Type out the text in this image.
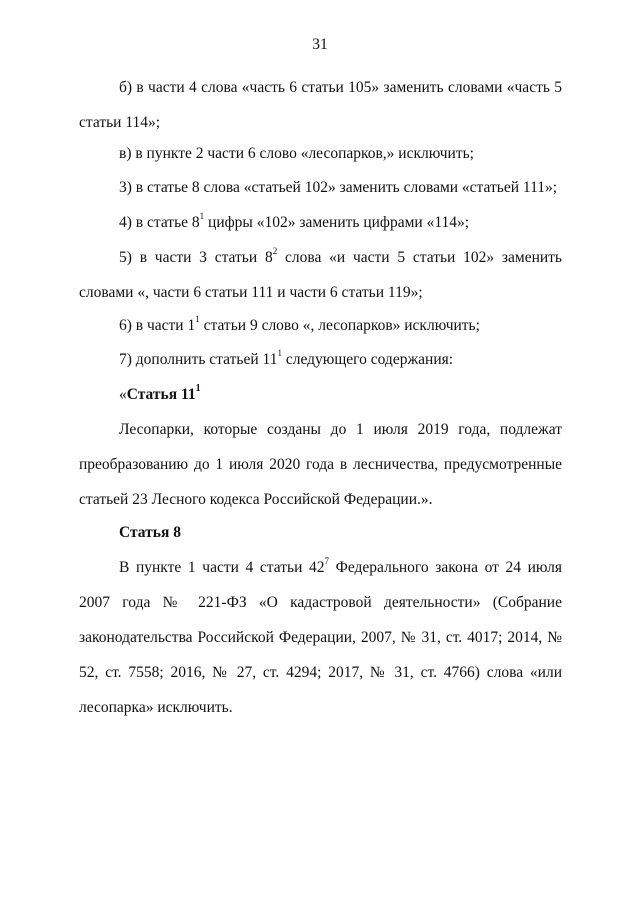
31

б) в части 4 слова «часть 6 статьи 105» заменить словами «часть 5 статьи 114»;

в) в пункте 2 части 6 слово «лесопарков,» исключить;

3) в статье 8 слова «статьей 102» заменить словами «статьей 111»;

4) в статье $8^1$ цифры «102» заменить цифрами «114»;

5) в части 3 статьи $8^2$ слова «и части 5 статьи 102» заменить словами «, части 6 статьи 111 и части 6 статьи 119»;

6) в части $1^1$ статьи 9 слово «, лесопарков» исключить;

7) дополнить статьей $11^1$ следующего содержания:

«Статья $11^1$

Лесопарки, которые созданы до 1 июля 2019 года, подлежат преобразованию до 1 июля 2020 года в лесничества, предусмотренные статьей 23 Лесного кодекса Российской Федерации.».

Статья 8

В пункте 1 части 4 статьи $42^7$ Федерального закона от 24 июля 2007 года № 221-ФЗ «О кадастровой деятельности» (Собрание законодательства Российской Федерации, 2007, № 31, ст. 4017; 2014, № 52, ст. 7558; 2016, № 27, ст. 4294; 2017, № 31, ст. 4766) слова «или лесопарка» исключить.
